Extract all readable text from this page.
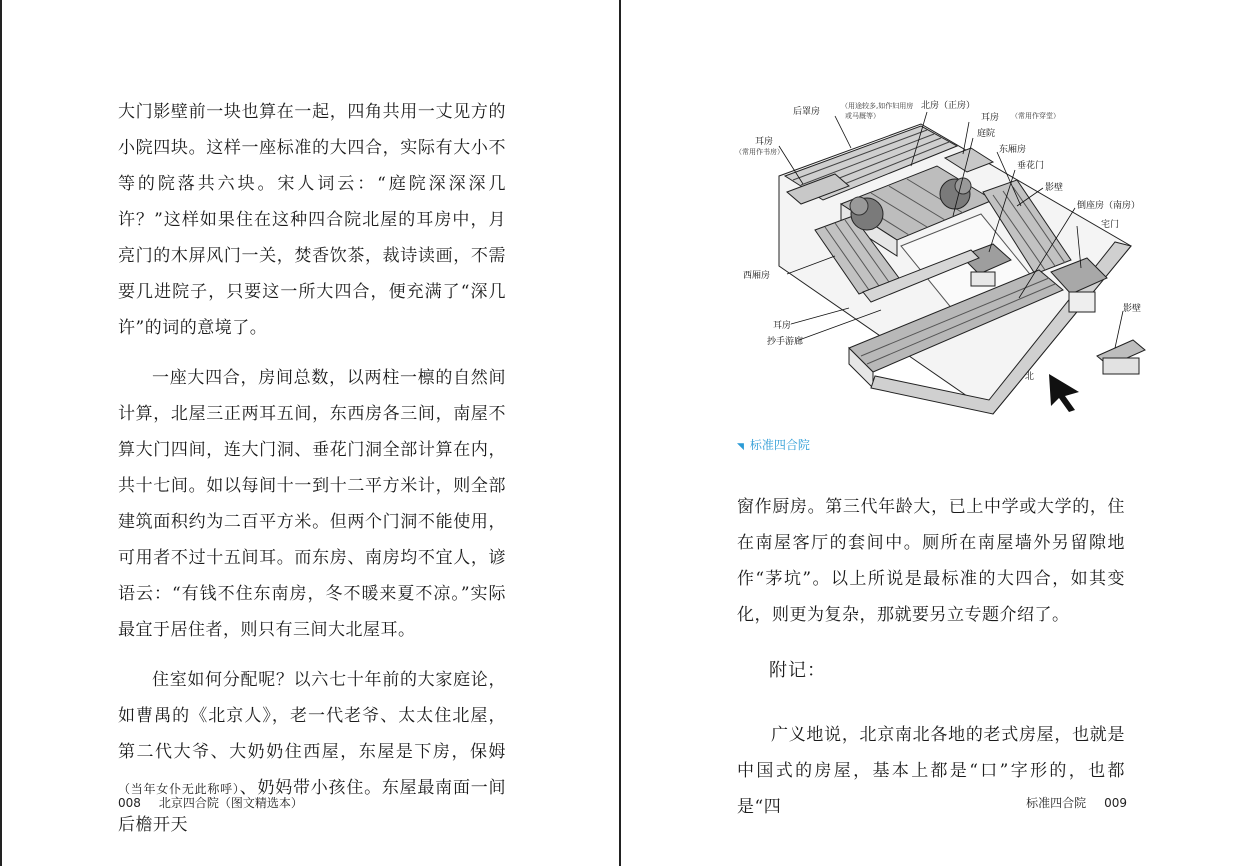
大门影壁前一块也算在一起，四角共用一丈见方的小院四块。这样一座标准的大四合，实际有大小不等的院落共六块。宋人词云：“庭院深深深几许？”这样如果住在这种四合院北屋的耳房中，月亮门的木屏风门一关，焚香饮茶，裁诗读画，不需要几进院子，只要这一所大四合，便充满了“深几许”的词的意境了。

一座大四合，房间总数，以两柱一檩的自然间计算，北屋三正两耳五间，东西房各三间，南屋不算大门四间，连大门洞、垂花门洞全部计算在内，共十七间。如以每间十一到十二平方米计，则全部建筑面积约为二百平方米。但两个门洞不能使用，可用者不过十五间耳。而东房、南房均不宜人，谚语云：“有钱不住东南房，冬不暖来夏不凉。”实际最宜于居住者，则只有三间大北屋耳。

住室如何分配呢？以六七十年前的大家庭论，如曹禺的《北京人》，老一代老爷、太太住北屋，第二代大爷、大奶奶住西屋，东屋是下房，保姆（当年女仆无此称呼）、奶妈带小孩住。东屋最南面一间后檐开天

008 北京四合院（图文精选本）
后罩房
（用途较多,如作妇用房
或马厩等）
北房（正房）
耳房 （常用作穿堂）
耳房
（常用作书房）
庭院
东厢房
垂花门
影壁
倒座房（南房）
宅门
西厢房
耳房
抄手游廊
影壁
北
◥ 标准四合院

窗作厨房。第三代年龄大，已上中学或大学的，住在南屋客厅的套间中。厕所在南屋墙外另留隙地作“茅坑”。以上所说是最标准的大四合，如其变化，则更为复杂，那就要另立专题介绍了。

附记：

广义地说，北京南北各地的老式房屋，也就是中国式的房屋，基本上都是“口”字形的，也都是“四	标准四合院 009
